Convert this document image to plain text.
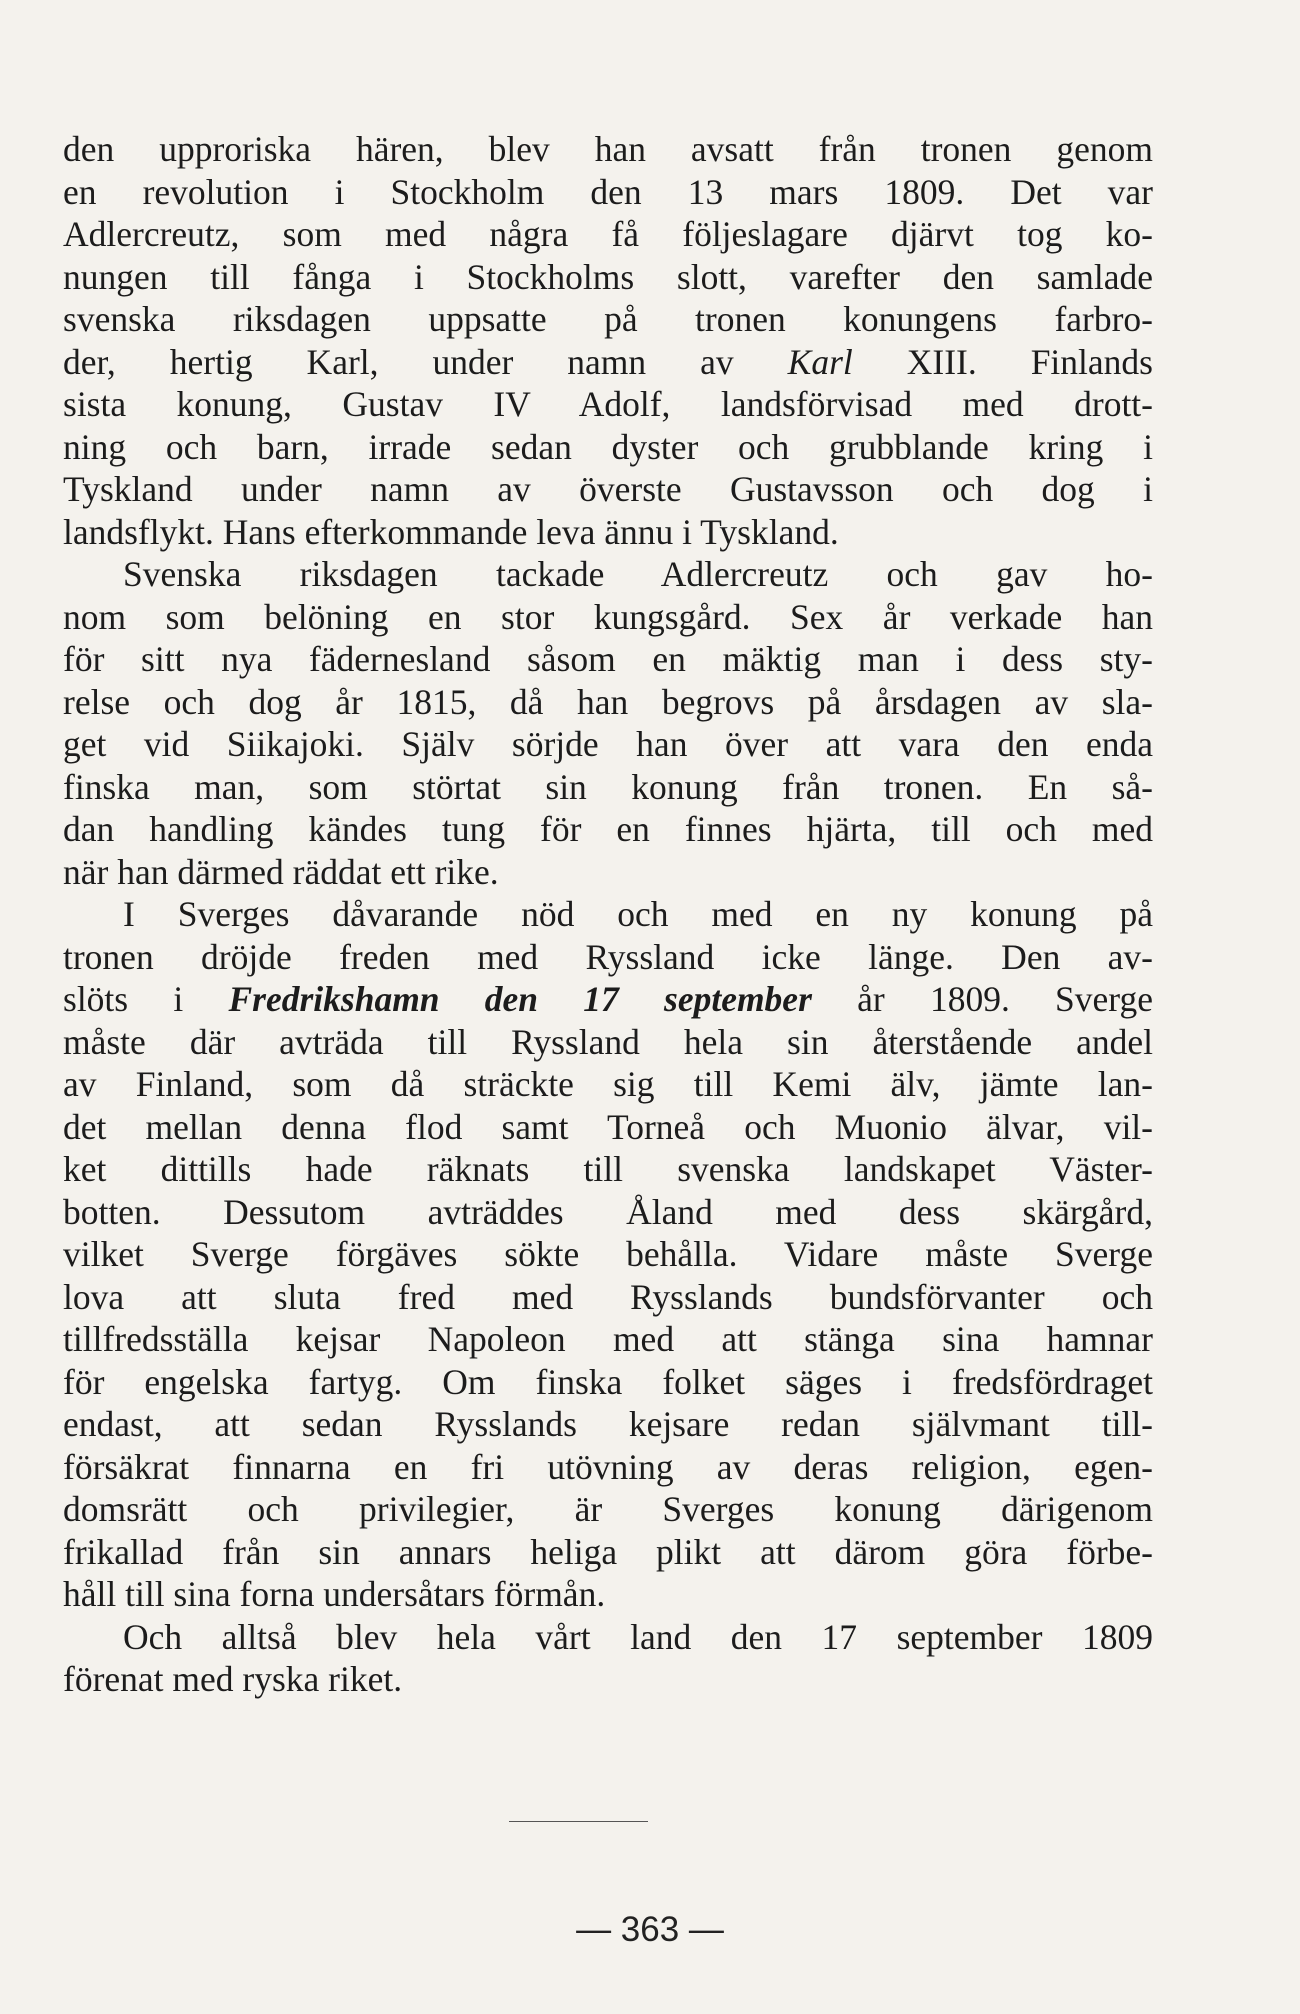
den upproriska hären, blev han avsatt från tronen genom
en revolution i Stockholm den 13 mars 1809. Det var
Adlercreutz, som med några få följeslagare djärvt tog ko-
nungen till fånga i Stockholms slott, varefter den samlade
svenska riksdagen uppsatte på tronen konungens farbro-
der, hertig Karl, under namn av Karl XIII. Finlands
sista konung, Gustav IV Adolf, landsförvisad med drott-
ning och barn, irrade sedan dyster och grubblande kring i
Tyskland under namn av överste Gustavsson och dog i
landsflykt. Hans efterkommande leva ännu i Tyskland.
Svenska riksdagen tackade Adlercreutz och gav ho-
nom som belöning en stor kungsgård. Sex år verkade han
för sitt nya fädernesland såsom en mäktig man i dess sty-
relse och dog år 1815, då han begrovs på årsdagen av sla-
get vid Siikajoki. Själv sörjde han över att vara den enda
finska man, som störtat sin konung från tronen. En så-
dan handling kändes tung för en finnes hjärta, till och med
när han därmed räddat ett rike.
I Sverges dåvarande nöd och med en ny konung på
tronen dröjde freden med Ryssland icke länge. Den av-
slöts i Fredrikshamn den 17 september år 1809. Sverge
måste där avträda till Ryssland hela sin återstående andel
av Finland, som då sträckte sig till Kemi älv, jämte lan-
det mellan denna flod samt Torneå och Muonio älvar, vil-
ket dittills hade räknats till svenska landskapet Väster-
botten. Dessutom avträddes Åland med dess skärgård,
vilket Sverge förgäves sökte behålla. Vidare måste Sverge
lova att sluta fred med Rysslands bundsförvanter och
tillfredsställa kejsar Napoleon med att stänga sina hamnar
för engelska fartyg. Om finska folket säges i fredsfördraget
endast, att sedan Rysslands kejsare redan självmant till-
försäkrat finnarna en fri utövning av deras religion, egen-
domsrätt och privilegier, är Sverges konung därigenom
frikallad från sin annars heliga plikt att därom göra förbe-
håll till sina forna undersåtars förmån.
Och alltså blev hela vårt land den 17 september 1809
förenat med ryska riket.
— 363 —
